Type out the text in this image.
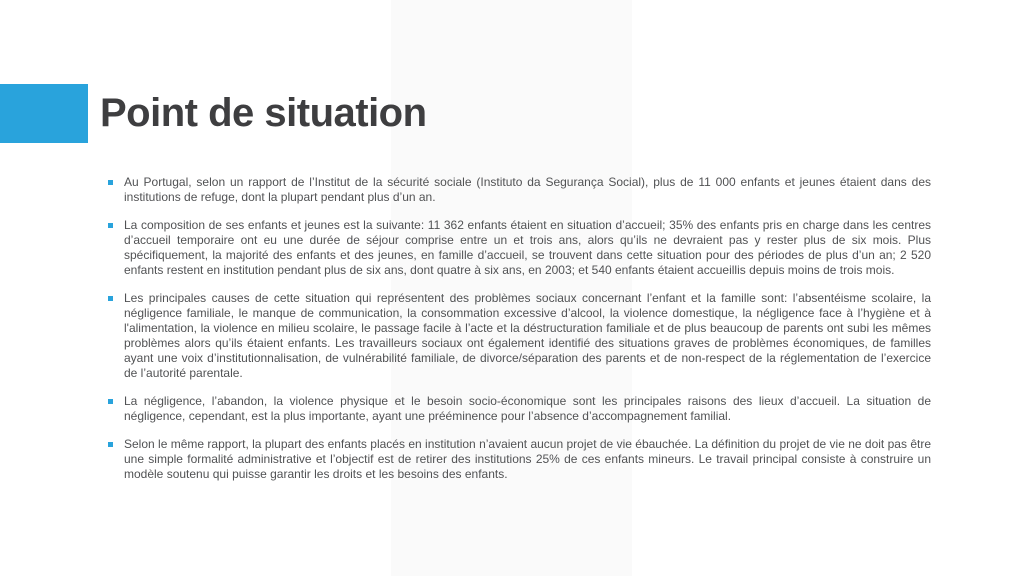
Point de situation

Au Portugal, selon un rapport de l’Institut de la sécurité sociale (Instituto da Segurança Social), plus de 11 000 enfants et jeunes étaient dans des institutions de refuge, dont la plupart pendant plus d’un an.

La composition de ses enfants et jeunes est la suivante: 11 362 enfants étaient en situation d’accueil; 35% des enfants pris en charge dans les centres d’accueil temporaire ont eu une durée de séjour comprise entre un et trois ans, alors qu’ils ne devraient pas y rester plus de six mois. Plus spécifiquement, la majorité des enfants et des jeunes, en famille d’accueil, se trouvent dans cette situation pour des périodes de plus d’un an; 2 520 enfants restent en institution pendant plus de six ans, dont quatre à six ans, en 2003; et 540 enfants étaient accueillis depuis moins de trois mois.

Les principales causes de cette situation qui représentent des problèmes sociaux concernant l’enfant et la famille sont: l’absentéisme scolaire, la négligence familiale, le manque de communication, la consommation excessive d’alcool, la violence domestique, la négligence face à l’hygiène et à l'alimentation, la violence en milieu scolaire, le passage facile à l’acte et la déstructuration familiale et de plus beaucoup de parents ont subi les mêmes problèmes alors qu’ils étaient enfants. Les travailleurs sociaux ont également identifié des situations graves de problèmes économiques, de familles ayant une voix d’institutionnalisation, de vulnérabilité familiale, de divorce/séparation des parents et de non-respect de la réglementation de l’exercice de l’autorité parentale.

La négligence, l’abandon, la violence physique et le besoin socio-économique sont les principales raisons des lieux d’accueil. La situation de négligence, cependant, est la plus importante, ayant une prééminence pour l’absence d’accompagnement familial.

Selon le même rapport, la plupart des enfants placés en institution n’avaient aucun projet de vie ébauchée. La définition du projet de vie ne doit pas être une simple formalité administrative et l’objectif est de retirer des institutions 25% de ces enfants mineurs. Le travail principal consiste à construire un modèle soutenu qui puisse garantir les droits et les besoins des enfants.
